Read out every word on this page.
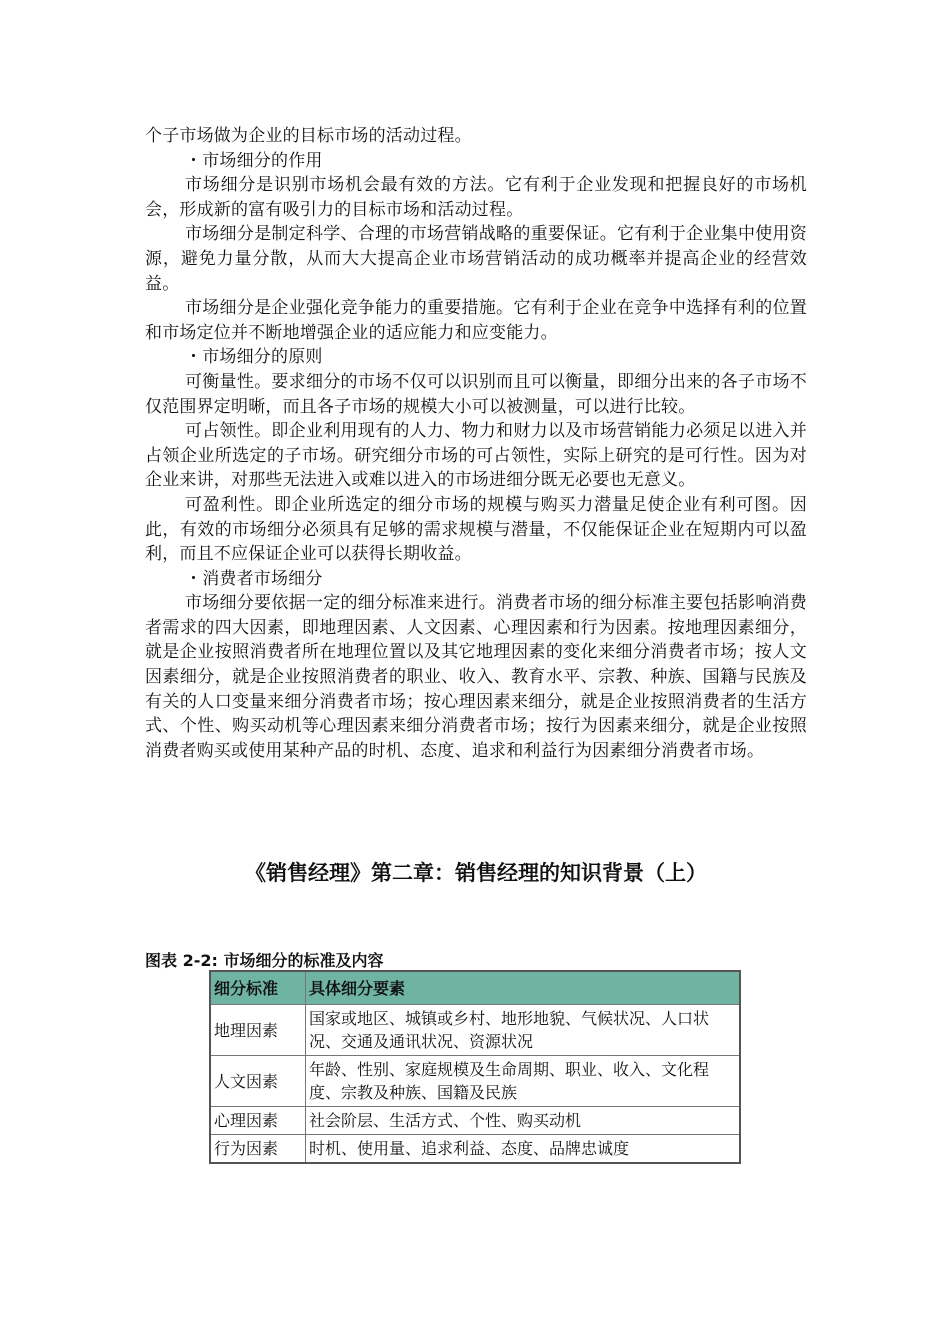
个子市场做为企业的目标市场的活动过程。

・市场细分的作用

市场细分是识别市场机会最有效的方法。它有利于企业发现和把握良好的市场机会，形成新的富有吸引力的目标市场和活动过程。

市场细分是制定科学、合理的市场营销战略的重要保证。它有利于企业集中使用资源，避免力量分散，从而大大提高企业市场营销活动的成功概率并提高企业的经营效益。

市场细分是企业强化竞争能力的重要措施。它有利于企业在竞争中选择有利的位置和市场定位并不断地增强企业的适应能力和应变能力。

・市场细分的原则

可衡量性。要求细分的市场不仅可以识别而且可以衡量，即细分出来的各子市场不仅范围界定明晰，而且各子市场的规模大小可以被测量，可以进行比较。

可占领性。即企业利用现有的人力、物力和财力以及市场营销能力必须足以进入并占领企业所选定的子市场。研究细分市场的可占领性，实际上研究的是可行性。因为对企业来讲，对那些无法进入或难以进入的市场进细分既无必要也无意义。

可盈利性。即企业所选定的细分市场的规模与购买力潜量足使企业有利可图。因此，有效的市场细分必须具有足够的需求规模与潜量，不仅能保证企业在短期内可以盈利，而且不应保证企业可以获得长期收益。

・消费者市场细分

市场细分要依据一定的细分标准来进行。消费者市场的细分标准主要包括影响消费者需求的四大因素，即地理因素、人文因素、心理因素和行为因素。按地理因素细分，就是企业按照消费者所在地理位置以及其它地理因素的变化来细分消费者市场；按人文因素细分，就是企业按照消费者的职业、收入、教育水平、宗教、种族、国籍与民族及有关的人口变量来细分消费者市场；按心理因素来细分，就是企业按照消费者的生活方式、个性、购买动机等心理因素来细分消费者市场；按行为因素来细分，就是企业按照消费者购买或使用某种产品的时机、态度、追求和利益行为因素细分消费者市场。

《销售经理》第二章：销售经理的知识背景（上）
图表 2-2: 市场细分的标准及内容
细分标准	具体细分要素
地理因素	国家或地区、城镇或乡村、地形地貌、气候状况、人口状况、交通及通讯状况、资源状况
人文因素	年龄、性别、家庭规模及生命周期、职业、收入、文化程度、宗教及种族、国籍及民族
心理因素	社会阶层、生活方式、个性、购买动机
行为因素	时机、使用量、追求利益、态度、品牌忠诚度
